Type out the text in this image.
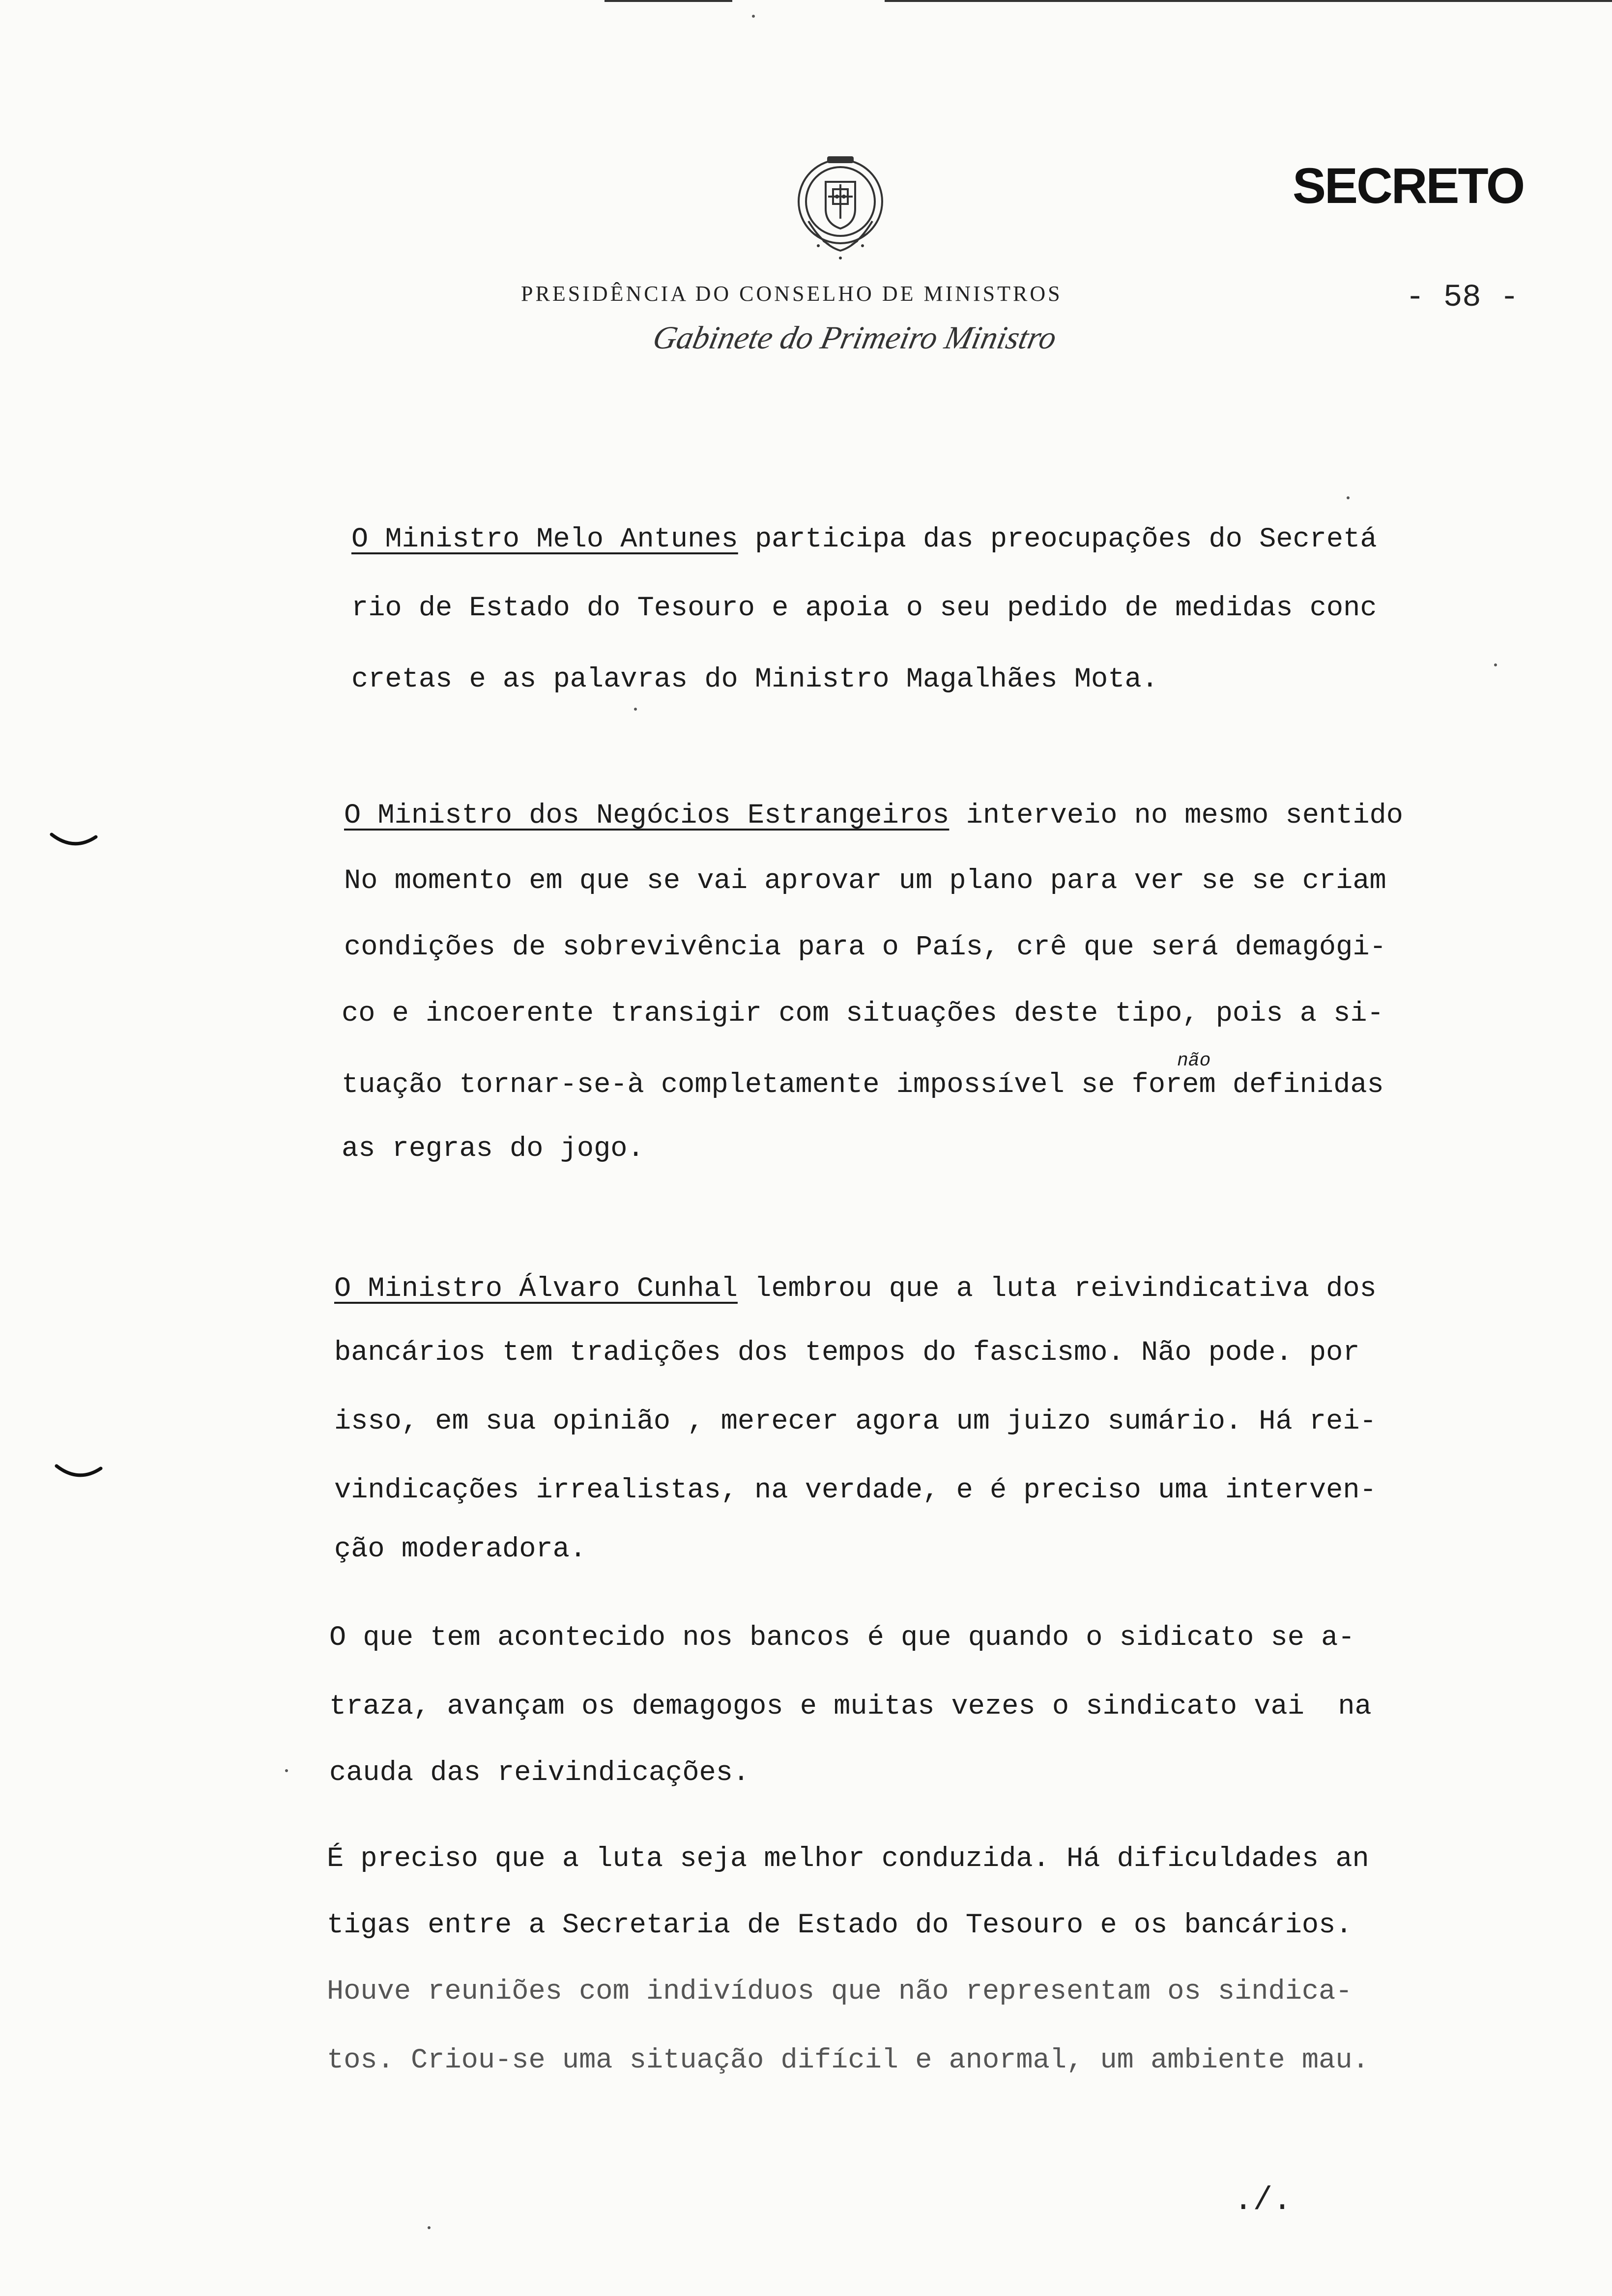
SECRETO
PRESIDÊNCIA DO CONSELHO DE MINISTROS	- 58 -
Gabinete do Primeiro Ministro
O Ministro Melo Antunes participa das preocupações do Secretá
rio de Estado do Tesouro e apoia o seu pedido de medidas conc
cretas e as palavras do Ministro Magalhães Mota.
O Ministro dos Negócios Estrangeiros interveio no mesmo sentido
No momento em que se vai aprovar um plano para ver se se criam
condições de sobrevivência para o País, crê que será demagógi-
co e incoerente transigir com situações deste tipo, pois a si-
tuação tornar-se-à completamente impossível se forem definidas
as regras do jogo.
não
O Ministro Álvaro Cunhal lembrou que a luta reivindicativa dos
bancários tem tradições dos tempos do fascismo. Não pode. por
isso, em sua opinião , merecer agora um juizo sumário. Há rei-
vindicações irrealistas, na verdade, e é preciso uma interven-
ção moderadora.
O que tem acontecido nos bancos é que quando o sidicato se a-
traza, avançam os demagogos e muitas vezes o sindicato vai  na
cauda das reivindicações.
É preciso que a luta seja melhor conduzida. Há dificuldades an
tigas entre a Secretaria de Estado do Tesouro e os bancários.
Houve reuniões com indivíduos que não representam os sindica-
tos. Criou-se uma situação difícil e anormal, um ambiente mau.
./.
